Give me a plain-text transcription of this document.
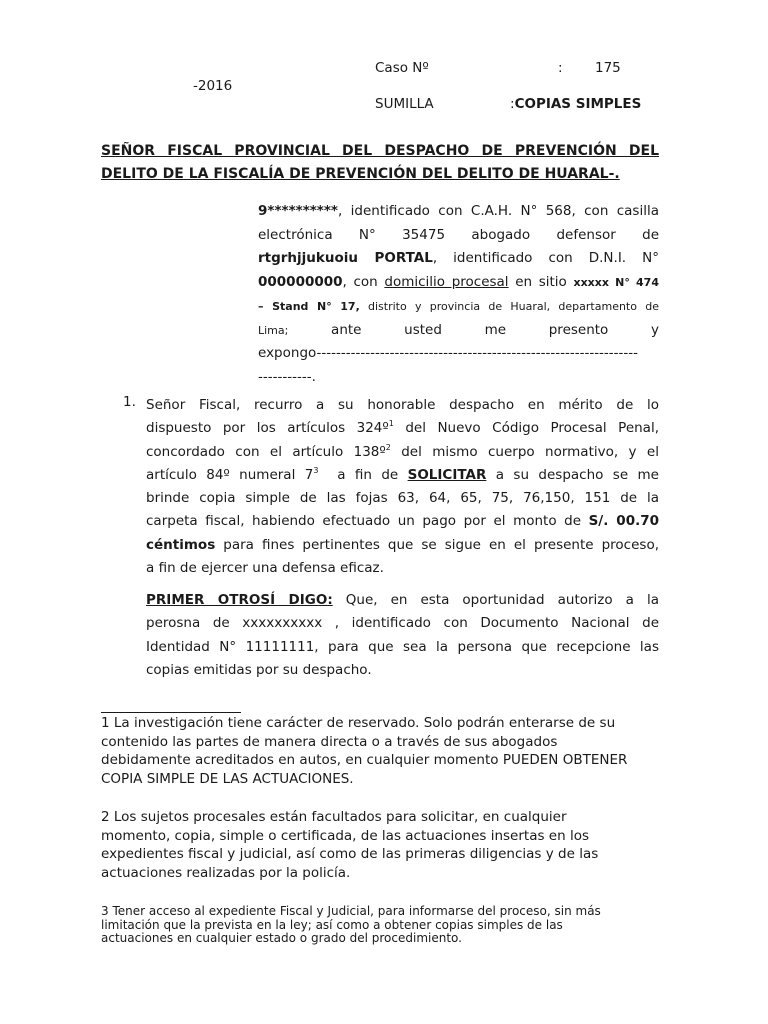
Caso Nº	: 175
-2016
SUMILLA	:COPIAS SIMPLES
SEÑOR FISCAL PROVINCIAL DEL DESPACHO DE PREVENCIÓN DEL
DELITO DE LA FISCALÍA DE PREVENCIÓN DEL DELITO DE HUARAL-.
9**********, identificado con C.A.H. N° 568, con casilla
electrónica N° 35475 abogado defensor de
rtgrhjjukuoiu PORTAL, identificado con D.N.I. N°
000000000, con domicilio procesal en sitio xxxxx N° 474
– Stand N° 17, distrito y provincia de Huaral, departamento de
Lima; ante usted me presento y
expongo------------------------------------------------------------------
-----------.
1. Señor Fiscal, recurro a su honorable despacho en mérito de lo
dispuesto por los artículos 324º$^1$ del Nuevo Código Procesal Penal,
concordado con el artículo 138º$^2$ del mismo cuerpo normativo, y el
artículo 84º numeral $7^3$  a fin de SOLICITAR a su despacho se me
brinde copia simple de las fojas 63, 64, 65, 75, 76,150, 151 de la
carpeta fiscal, habiendo efectuado un pago por el monto de S/. 00.70
céntimos para fines pertinentes que se sigue en el presente proceso,
a fin de ejercer una defensa eficaz.
PRIMER OTROSÍ DIGO: Que, en esta oportunidad autorizo a la
perosna de xxxxxxxxxx , identificado con Documento Nacional de
Identidad N° 11111111, para que sea la persona que recepcione las
copias emitidas por su despacho.
1 La investigación tiene carácter de reservado. Solo podrán enterarse de su
contenido las partes de manera directa o a través de sus abogados
debidamente acreditados en autos, en cualquier momento PUEDEN OBTENER
COPIA SIMPLE DE LAS ACTUACIONES.
2 Los sujetos procesales están facultados para solicitar, en cualquier
momento, copia, simple o certificada, de las actuaciones insertas en los
expedientes fiscal y judicial, así como de las primeras diligencias y de las
actuaciones realizadas por la policía.
3 Tener acceso al expediente Fiscal y Judicial, para informarse del proceso, sin más
limitación que la prevista en la ley; así como a obtener copias simples de las
actuaciones en cualquier estado o grado del procedimiento.
